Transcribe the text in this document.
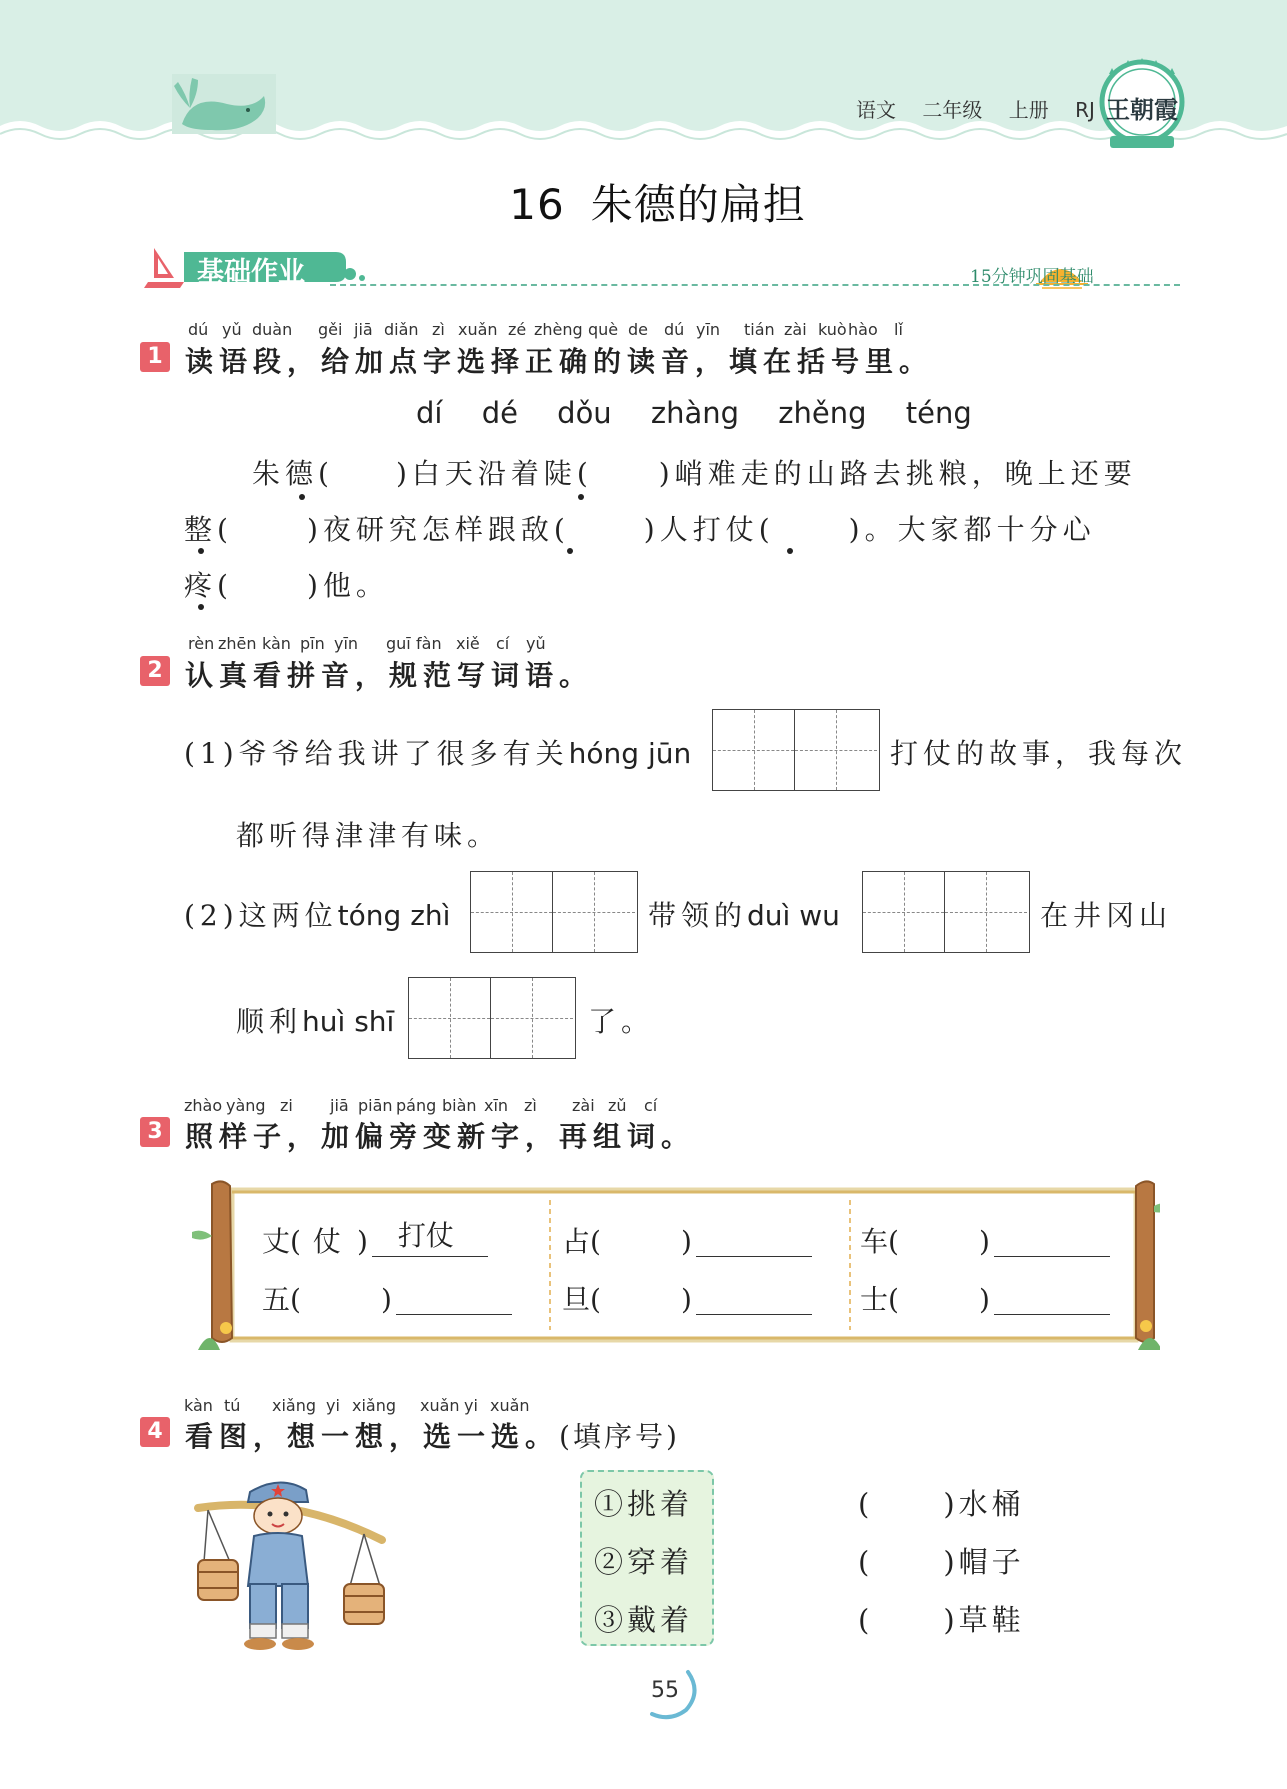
语文 二年级 上册 RJ 王朝霞
16 朱德的扁担
基础作业	15分钟巩固基础
dú yǔ duàn gěi jiā diǎn zì xuǎn zé zhèng què de dú yīn tián zài kuò hào lǐ
1 读语段，给加点字选择正确的读音，填在括号里。
dí dé dǒu zhàng zhěng téng
朱德( )白天沿着陡( )峭难走的山路去挑粮，晚上还要
整(	)夜研究怎样跟敌(	)人打仗(	)。大家都十分心
疼(	)他。
rèn zhēn kàn pīn yīn guī fàn xiě cí yǔ
2 认真看拼音，规范写词语。
(1)爷爷给我讲了很多有关hóng jūn	打仗的故事，我每次
都听得津津有味。
(2)这两位tóng zhì	带领的duì wu	在井冈山
顺利huì shī	了。
zhào yàng zi jiā piān páng biàn xīn zì zài zǔ cí
3 照样子，加偏旁变新字，再组词。
丈( 仗 ) 打仗	占(	)	车(	)
五(	)	旦(	)	士(	)
kàn tú xiǎng yi xiǎng xuǎn yi xuǎn
4 看图，想一想，选一选。(填序号)
①挑着
②穿着
③戴着
( )水桶
( )帽子
( )草鞋
55
